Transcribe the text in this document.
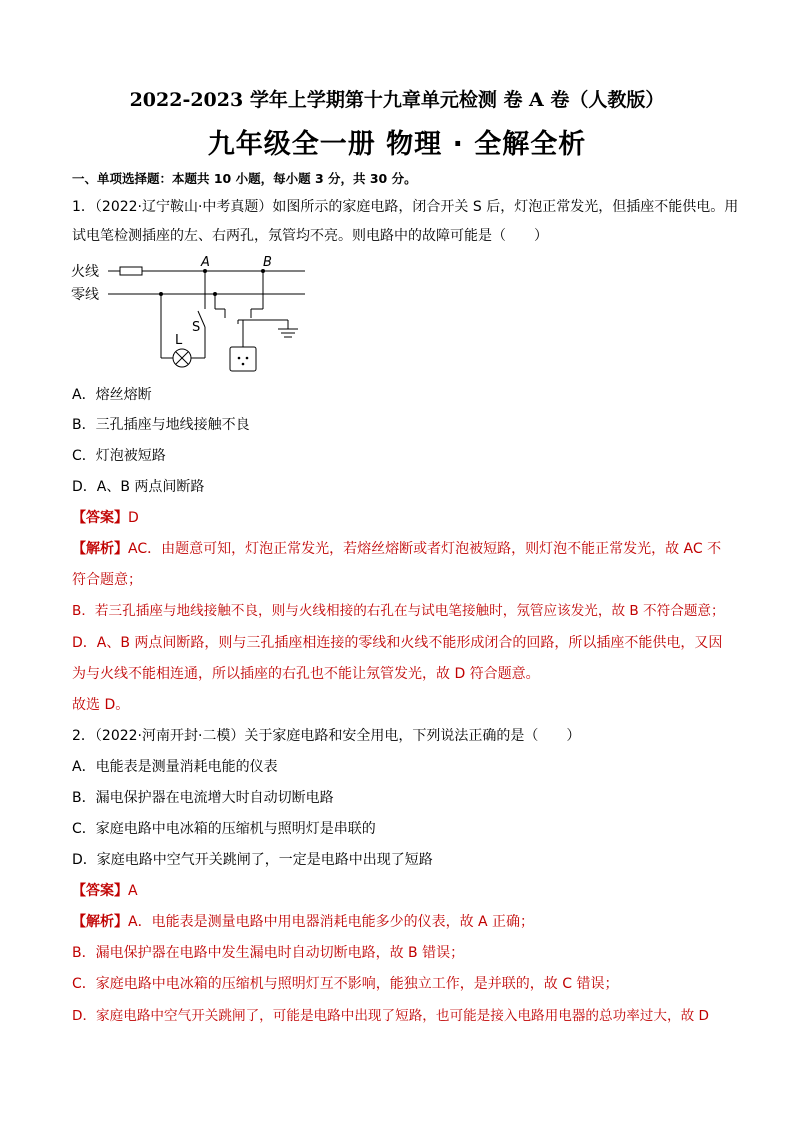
2022-2023 学年上学期第十九章单元检测 卷 A 卷（人教版）
九年级全一册 物理 · 全解全析
一、单项选择题：本题共 10 小题，每小题 3 分，共 30 分。
1．（2022·辽宁鞍山·中考真题）如图所示的家庭电路，闭合开关 S 后，灯泡正常发光，但插座不能供电。用
试电笔检测插座的左、右两孔，氖管均不亮。则电路中的故障可能是（　　）
火线
零线
A	B
S
L
A．熔丝熔断
B．三孔插座与地线接触不良
C．灯泡被短路
D．A、B 两点间断路
【答案】D
【解析】AC．由题意可知，灯泡正常发光，若熔丝熔断或者灯泡被短路，则灯泡不能正常发光，故 AC 不
符合题意；
B．若三孔插座与地线接触不良，则与火线相接的右孔在与试电笔接触时，氖管应该发光，故 B 不符合题意；
D．A、B 两点间断路，则与三孔插座相连接的零线和火线不能形成闭合的回路，所以插座不能供电，又因
为与火线不能相连通，所以插座的右孔也不能让氖管发光，故 D 符合题意。
故选 D。
2．（2022·河南开封·二模）关于家庭电路和安全用电，下列说法正确的是（　　）
A．电能表是测量消耗电能的仪表
B．漏电保护器在电流增大时自动切断电路
C．家庭电路中电冰箱的压缩机与照明灯是串联的
D．家庭电路中空气开关跳闸了，一定是电路中出现了短路
【答案】A
【解析】A．电能表是测量电路中用电器消耗电能多少的仪表，故 A 正确；
B．漏电保护器在电路中发生漏电时自动切断电路，故 B 错误；
C．家庭电路中电冰箱的压缩机与照明灯互不影响，能独立工作，是并联的，故 C 错误；
D．家庭电路中空气开关跳闸了，可能是电路中出现了短路，也可能是接入电路用电器的总功率过大，故 D
